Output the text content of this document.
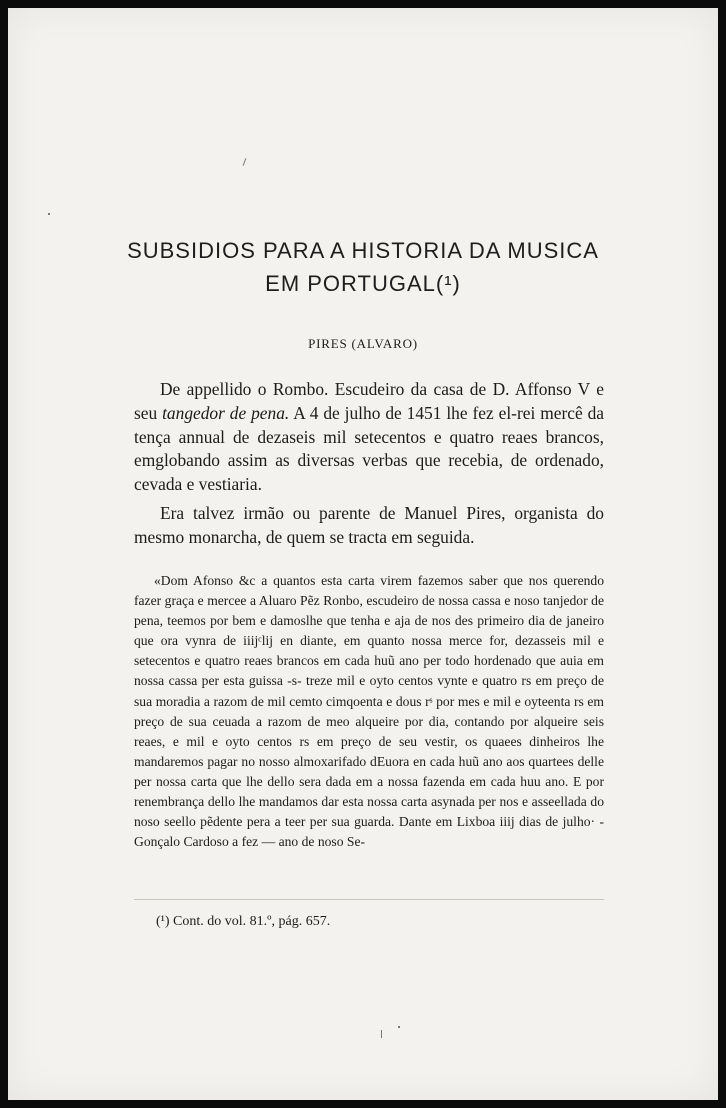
SUBSIDIOS PARA A HISTORIA DA MUSICA
EM PORTUGAL(¹)
PIRES (ALVARO)

De appellido o Rombo. Escudeiro da casa de D. Affonso V e seu tangedor de pena. A 4 de julho de 1451 lhe fez el-rei mercê da tença annual de dezaseis mil setecentos e quatro reaes brancos, emglobando assim as diversas verbas que recebia, de ordenado, cevada e vestiaria.

Era talvez irmão ou parente de Manuel Pires, organista do mesmo monarcha, de quem se tracta em seguida.

«Dom Afonso &c a quantos esta carta virem fazemos saber que nos querendo fazer graça e mercee a Aluaro Pẽz Ronbo, escudeiro de nossa cassa e noso tanjedor de pena, teemos por bem e damoslhe que tenha e aja de nos des primeiro dia de janeiro que ora vynra de iiijᶜlij en diante, em quanto nossa merce for, dezasseis mil e setecentos e quatro reaes brancos em cada huũ ano per todo hordenado que auia em nossa cassa per esta guissa -s- treze mil e oyto centos vynte e quatro rs em preço de sua moradia a razom de mil cemto cimqoenta e dous rˢ por mes e mil e oyteenta rs em preço de sua ceuada a razom de meo alqueire por dia, contando por alqueire seis reaes, e mil e oyto centos rs em preço de seu vestir, os quaees dinheiros lhe mandaremos pagar no nosso almoxarifado dEuora en cada huũ ano aos quartees delle per nossa carta que lhe dello sera dada em a nossa fazenda em cada huu ano. E por renembrança dello lhe mandamos dar esta nossa carta asynada per nos e asseellada do noso seello pẽdente pera a teer per sua guarda. Dante em Lixboa iiij dias de julho· - Gonçalo Cardoso a fez — ano de noso Se-

(¹) Cont. do vol. 81.º, pág. 657.
